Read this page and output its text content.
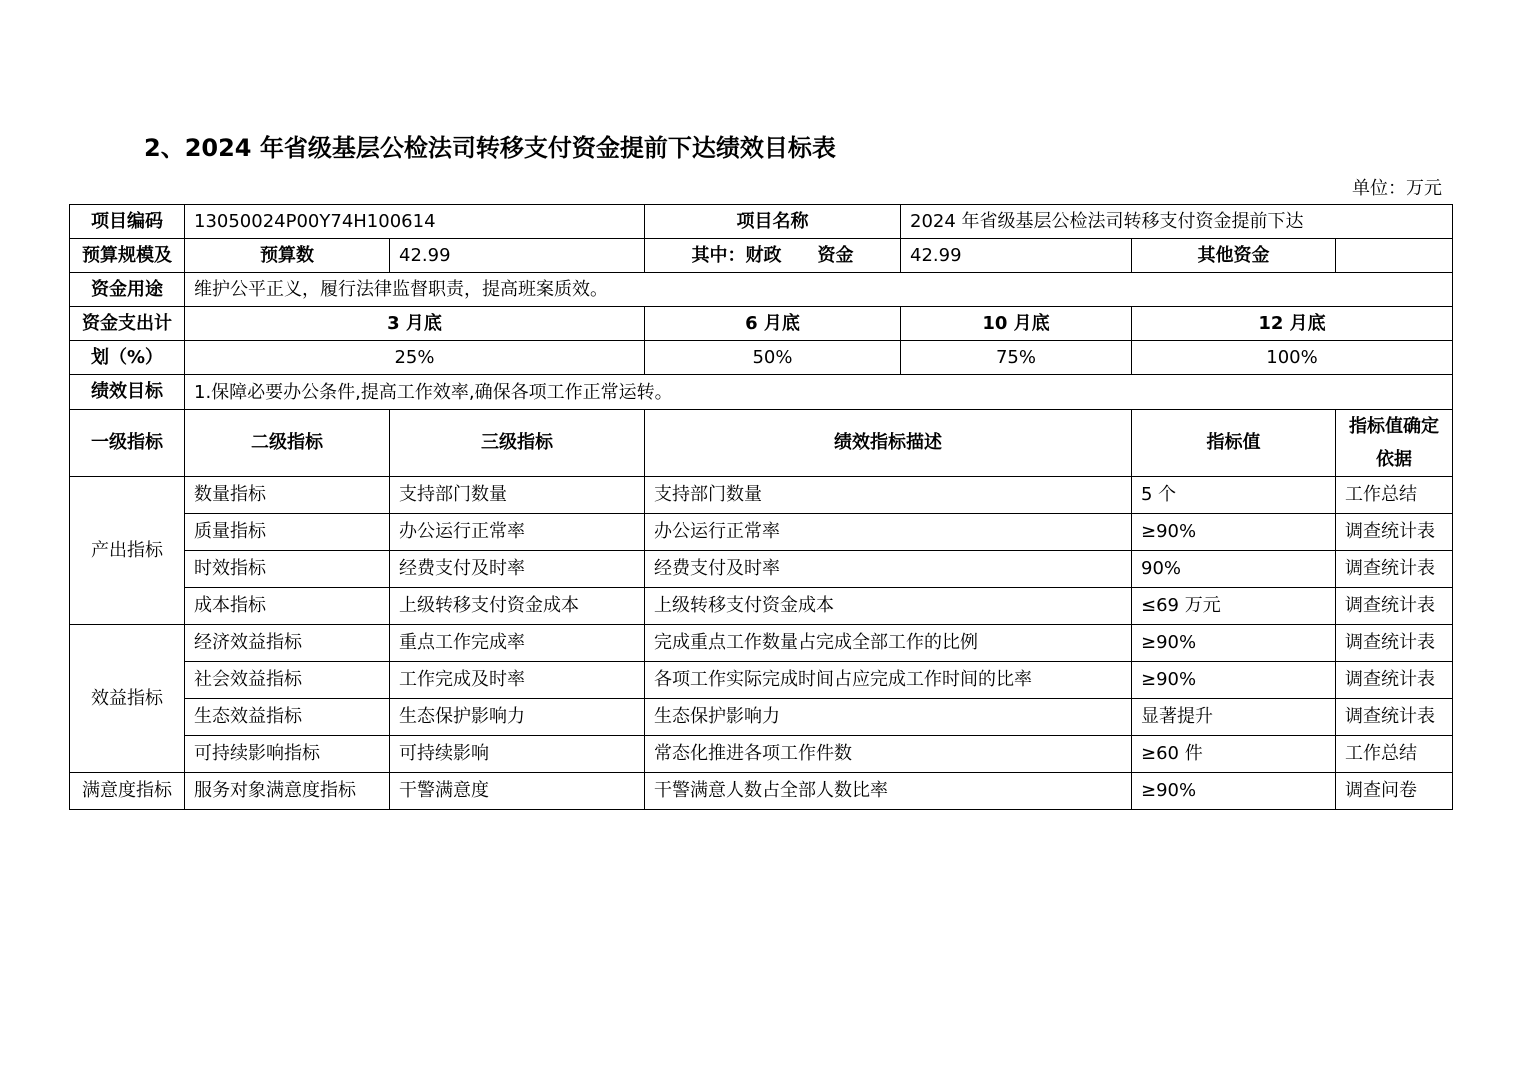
2、2024 年省级基层公检法司转移支付资金提前下达绩效目标表
单位：万元
项目编码	13050024P00Y74H100614		项目名称	2024 年省级基层公检法司转移支付资金提前下达		
预算规模及	预算数	42.99	其中：财政　　资金	42.99	其他资金	
资金用途	维护公平正义，履行法律监督职责，提高班案质效。					
资金支出计	3 月底		6 月底	10 月底	12 月底	
划（%）	25%		50%	75%	100%	
绩效目标	1.保障必要办公条件,提高工作效率,确保各项工作正常运转。					
一级指标	二级指标	三级指标	绩效指标描述		指标值	指标值确定
依据
产出指标	数量指标	支持部门数量	支持部门数量		5 个	工作总结
	质量指标	办公运行正常率	办公运行正常率		≥90%	调查统计表
	时效指标	经费支付及时率	经费支付及时率		90%	调查统计表
	成本指标	上级转移支付资金成本	上级转移支付资金成本		≤69 万元	调查统计表
效益指标	经济效益指标	重点工作完成率	完成重点工作数量占完成全部工作的比例		≥90%	调查统计表
	社会效益指标	工作完成及时率	各项工作实际完成时间占应完成工作时间的比率		≥90%	调查统计表
	生态效益指标	生态保护影响力	生态保护影响力		显著提升	调查统计表
	可持续影响指标	可持续影响	常态化推进各项工作件数		≥60 件	工作总结
满意度指标	服务对象满意度指标	干警满意度	干警满意人数占全部人数比率		≥90%	调查问卷
